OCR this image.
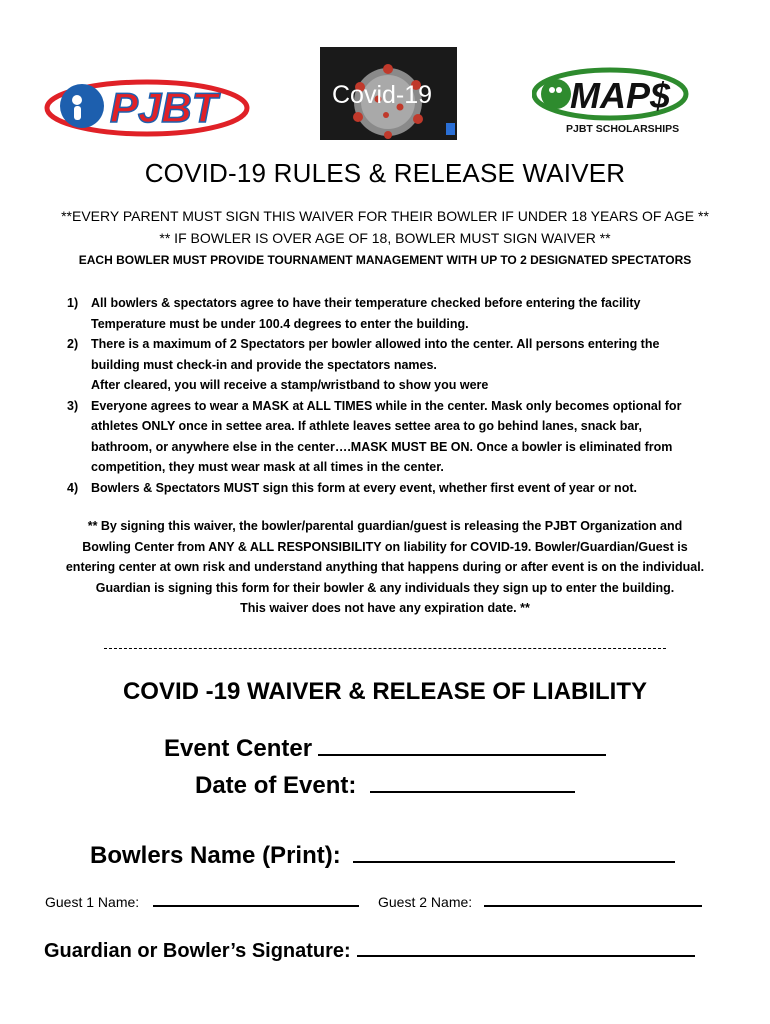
PJBT	Covid-19	MAP$
PJBT SCHOLARSHIPS
COVID-19 RULES & RELEASE WAIVER
**EVERY PARENT MUST SIGN THIS WAIVER FOR THEIR BOWLER IF UNDER 18 YEARS OF AGE **
** IF BOWLER IS OVER AGE OF 18, BOWLER MUST SIGN WAIVER **
EACH BOWLER MUST PROVIDE TOURNAMENT MANAGEMENT WITH UP TO 2 DESIGNATED SPECTATORS
1) All bowlers & spectators agree to have their temperature checked before entering the facility
Temperature must be under 100.4 degrees to enter the building.
2) There is a maximum of 2 Spectators per bowler allowed into the center. All persons entering the
building must check-in and provide the spectators names.
After cleared, you will receive a stamp/wristband to show you were
3) Everyone agrees to wear a MASK at ALL TIMES while in the center. Mask only becomes optional for
athletes ONLY once in settee area. If athlete leaves settee area to go behind lanes, snack bar,
bathroom, or anywhere else in the center….MASK MUST BE ON. Once a bowler is eliminated from
competition, they must wear mask at all times in the center.
4) Bowlers & Spectators MUST sign this form at every event, whether first event of year or not.
** By signing this waiver, the bowler/parental guardian/guest is releasing the PJBT Organization and
Bowling Center from ANY & ALL RESPONSIBILITY on liability for COVID-19. Bowler/Guardian/Guest is
entering center at own risk and understand anything that happens during or after event is on the individual.
Guardian is signing this form for their bowler & any individuals they sign up to enter the building.
This waiver does not have any expiration date. **
COVID -19 WAIVER & RELEASE OF LIABILITY
Event Center
Date of Event:
Bowlers Name (Print):
Guest 1 Name:	Guest 2 Name:
Guardian or Bowler’s Signature:
